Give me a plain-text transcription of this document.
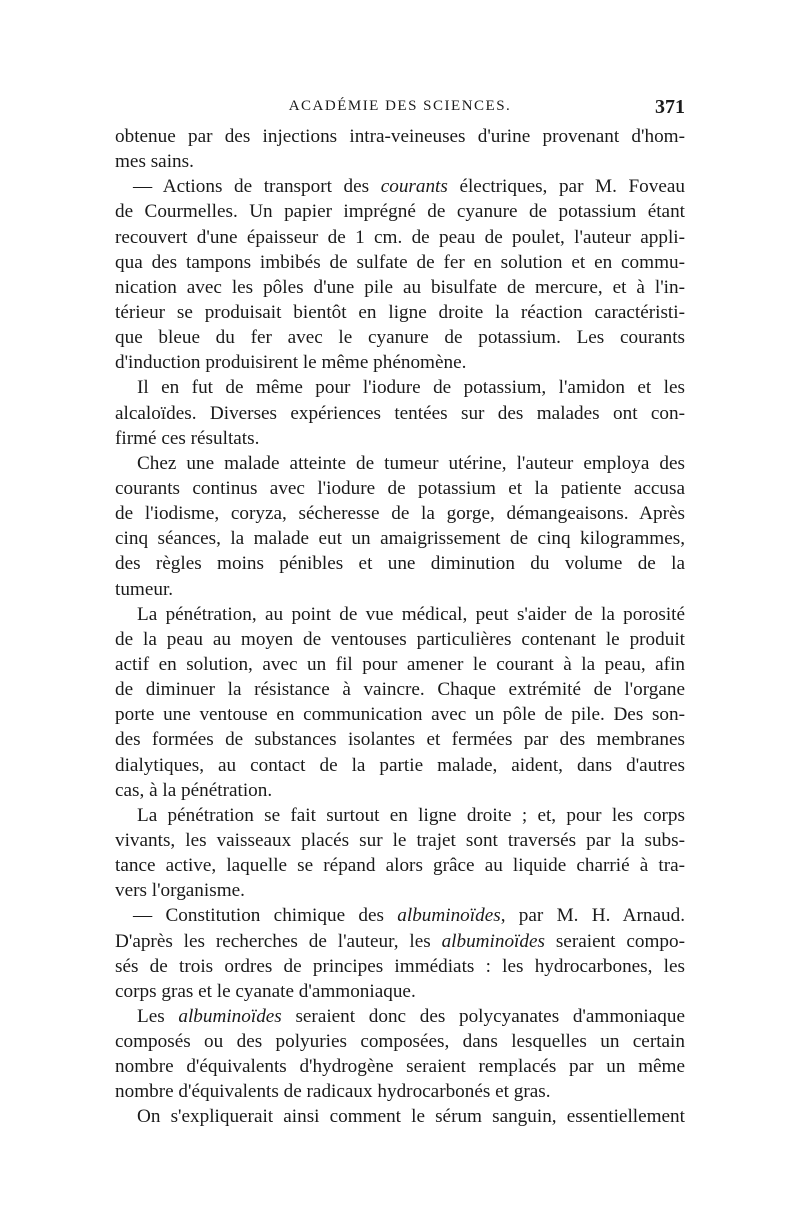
ACADÉMIE DES SCIENCES.	371
obtenue par des injections intra-veineuses d'urine provenant d'hom-
mes sains.
— Actions de transport des courants électriques, par M. Foveau
de Courmelles. Un papier imprégné de cyanure de potassium étant
recouvert d'une épaisseur de 1 cm. de peau de poulet, l'auteur appli-
qua des tampons imbibés de sulfate de fer en solution et en commu-
nication avec les pôles d'une pile au bisulfate de mercure, et à l'in-
térieur se produisait bientôt en ligne droite la réaction caractéristi-
que bleue du fer avec le cyanure de potassium. Les courants
d'induction produisirent le même phénomène.
Il en fut de même pour l'iodure de potassium, l'amidon et les
alcaloïdes. Diverses expériences tentées sur des malades ont con-
firmé ces résultats.
Chez une malade atteinte de tumeur utérine, l'auteur employa des
courants continus avec l'iodure de potassium et la patiente accusa
de l'iodisme, coryza, sécheresse de la gorge, démangeaisons. Après
cinq séances, la malade eut un amaigrissement de cinq kilogrammes,
des règles moins pénibles et une diminution du volume de la
tumeur.
La pénétration, au point de vue médical, peut s'aider de la porosité
de la peau au moyen de ventouses particulières contenant le produit
actif en solution, avec un fil pour amener le courant à la peau, afin
de diminuer la résistance à vaincre. Chaque extrémité de l'organe
porte une ventouse en communication avec un pôle de pile. Des son-
des formées de substances isolantes et fermées par des membranes
dialytiques, au contact de la partie malade, aident, dans d'autres
cas, à la pénétration.
La pénétration se fait surtout en ligne droite ; et, pour les corps
vivants, les vaisseaux placés sur le trajet sont traversés par la subs-
tance active, laquelle se répand alors grâce au liquide charrié à tra-
vers l'organisme.
— Constitution chimique des albuminoïdes, par M. H. Arnaud.
D'après les recherches de l'auteur, les albuminoïdes seraient compo-
sés de trois ordres de principes immédiats : les hydrocarbones, les
corps gras et le cyanate d'ammoniaque.
Les albuminoïdes seraient donc des polycyanates d'ammoniaque
composés ou des polyuries composées, dans lesquelles un certain
nombre d'équivalents d'hydrogène seraient remplacés par un même
nombre d'équivalents de radicaux hydrocarbonés et gras.
On s'expliquerait ainsi comment le sérum sanguin, essentiellement
